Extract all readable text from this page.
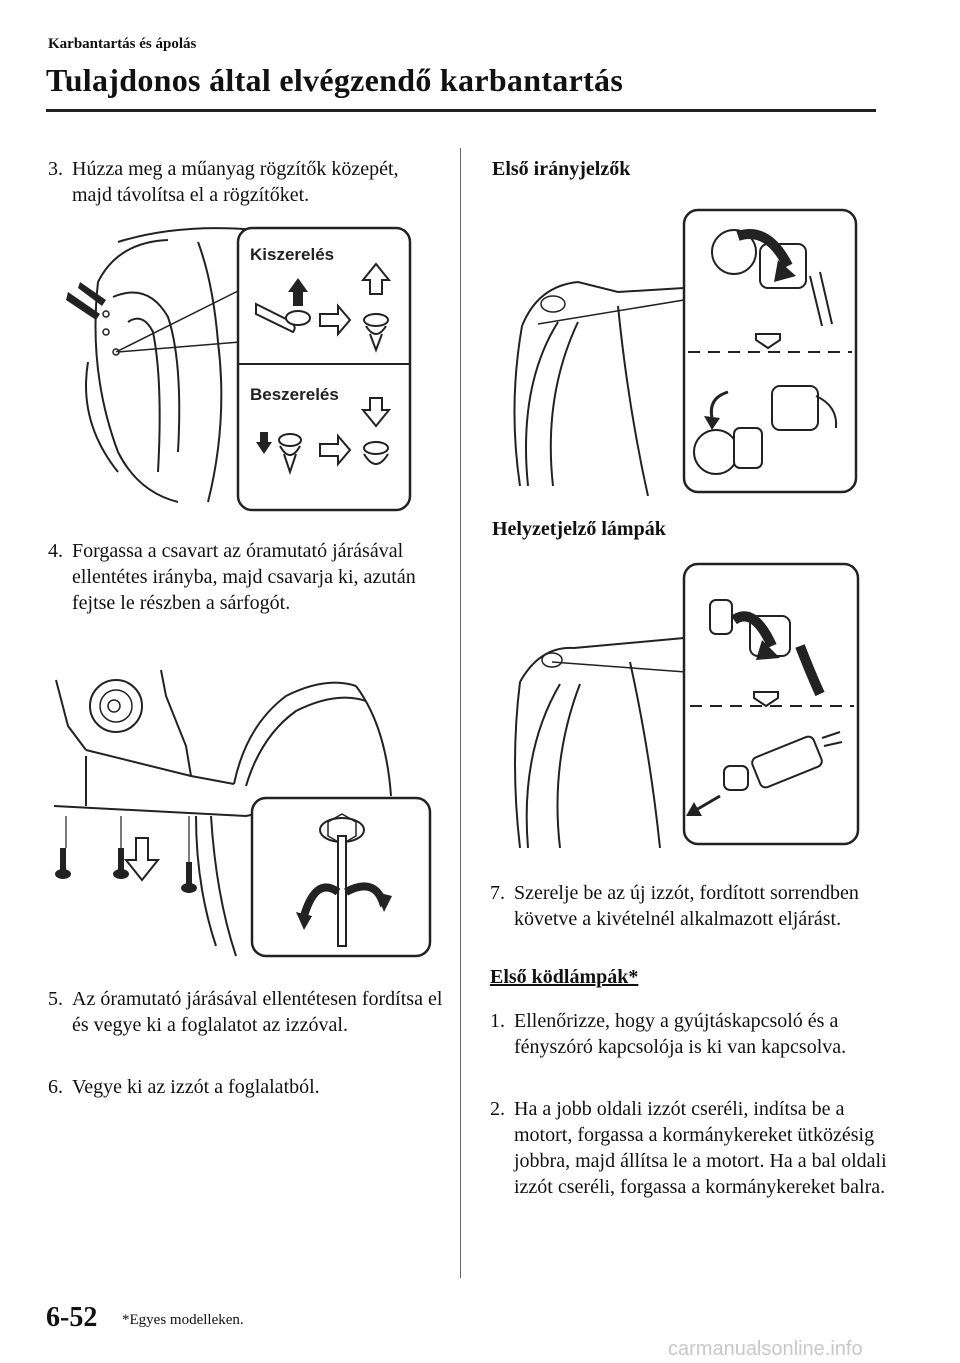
Karbantartás és ápolás
Tulajdonos által elvégzendő karbantartás
3. Húzza meg a műanyag rögzítők közepét, majd távolítsa el a rögzítőket.
Kiszerelés
Beszerelés
4. Forgassa a csavart az óramutató járásával ellentétes irányba, majd csavarja ki, azután fejtse le részben a sárfogót.
5. Az óramutató járásával ellentétesen fordítsa el és vegye ki a foglalatot az izzóval.
6. Vegye ki az izzót a foglalatból.
Első irányjelzők
Helyzetjelző lámpák
7. Szerelje be az új izzót, fordított sorrendben követve a kivételnél alkalmazott eljárást.
Első ködlámpák*
1. Ellenőrizze, hogy a gyújtáskapcsoló és a fényszóró kapcsolója is ki van kapcsolva.
2. Ha a jobb oldali izzót cseréli, indítsa be a motort, forgassa a kormánykereket ütközésig jobbra, majd állítsa le a motort. Ha a bal oldali izzót cseréli, forgassa a kormánykereket balra.
6-52 *Egyes modelleken.
carmanualsonline.info
